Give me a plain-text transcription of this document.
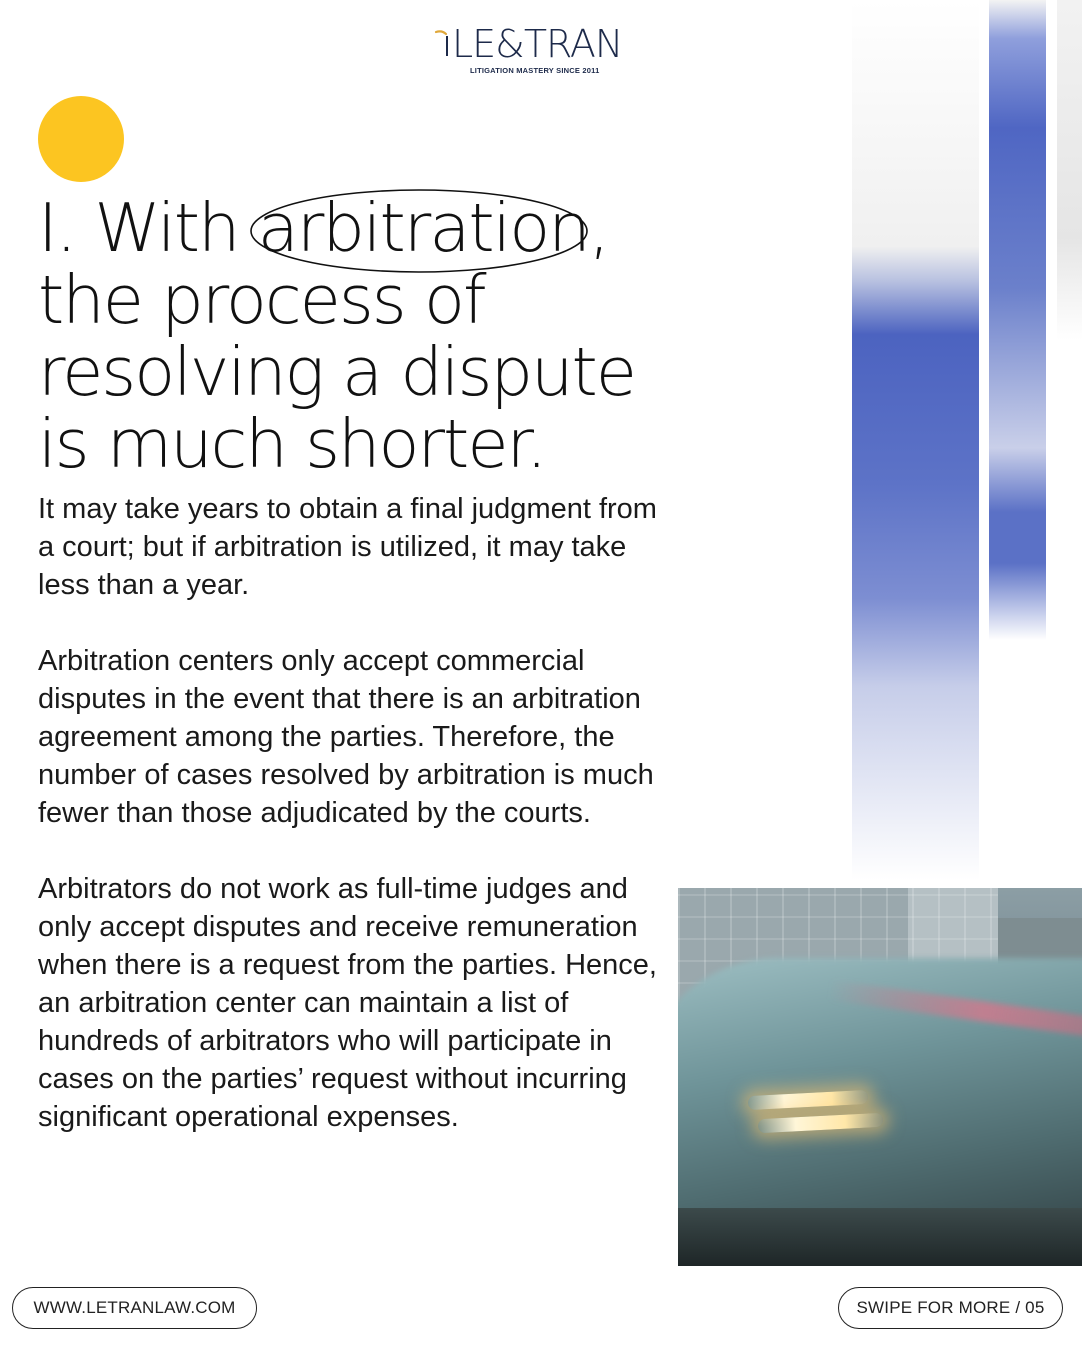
LE&TRAN
LITIGATION MASTERY SINCE 2011
I. With
arbitration,
the process of
resolving a dispute
is much shorter.

It may take years to obtain a final judgment from a court; but if arbitration is utilized, it may take less than a year.

Arbitration centers only accept commercial disputes in the event that there is an arbitration agreement among the parties. Therefore, the number of cases resolved by arbitration is much fewer than those adjudicated by the courts.

Arbitrators do not work as full-time judges and only accept disputes and receive remuneration when there is a request from the parties. Hence, an arbitration center can maintain a list of hundreds of arbitrators who will participate in cases on the parties’ request without incurring significant operational expenses.

WWW.LETRANLAW.COM	SWIPE FOR MORE / 05
